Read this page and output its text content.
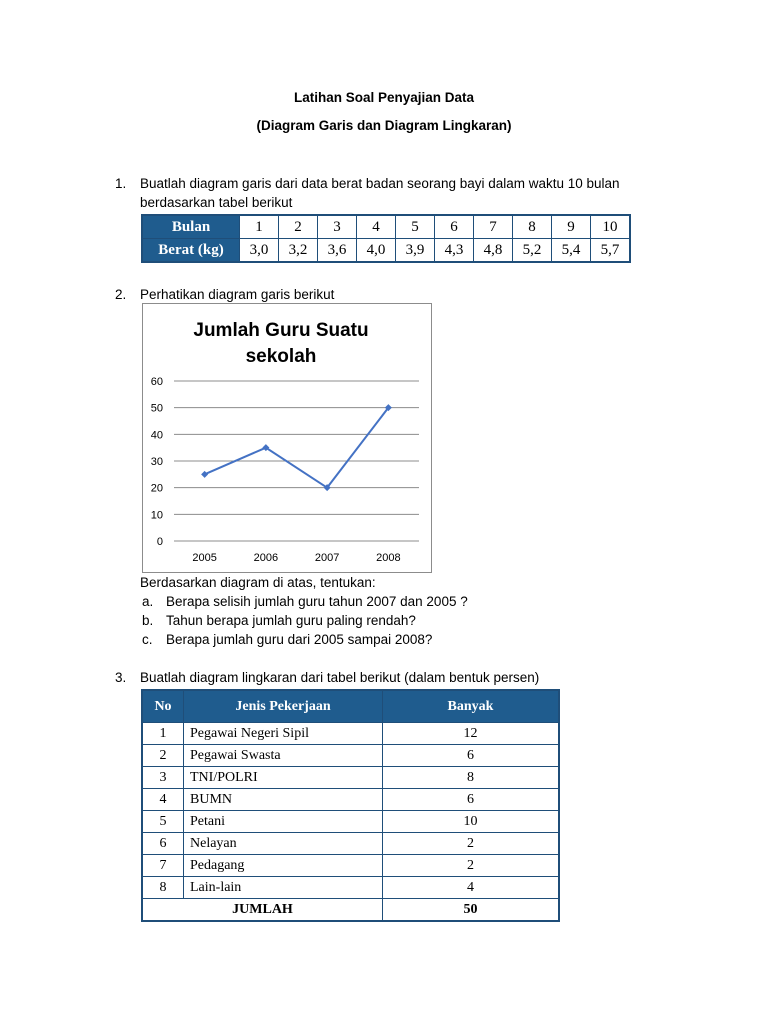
Latihan Soal Penyajian Data
(Diagram Garis dan Diagram Lingkaran)
1. Buatlah diagram garis dari data berat badan seorang bayi dalam waktu 10 bulan
berdasarkan tabel berikut
Bulan	1	2	3	4	5	6	7	8	9	10
Berat (kg)	3,0	3,2	3,6	4,0	3,9	4,3	4,8	5,2	5,4	5,7
2. Perhatikan diagram garis berikut
Jumlah Guru Suatu
sekolah
0
10
20
30
40
50
60
2005	2006	2007	2008
Berdasarkan diagram di atas, tentukan:
a. Berapa selisih jumlah guru tahun 2007 dan 2005 ?
b. Tahun berapa jumlah guru paling rendah?
c. Berapa jumlah guru dari 2005 sampai 2008?
3. Buatlah diagram lingkaran dari tabel berikut (dalam bentuk persen)
No	Jenis Pekerjaan	Banyak
1	Pegawai Negeri Sipil	12
2	Pegawai Swasta	6
3	TNI/POLRI	8
4	BUMN	6
5	Petani	10
6	Nelayan	2
7	Pedagang	2
8	Lain-lain	4
JUMLAH		50
